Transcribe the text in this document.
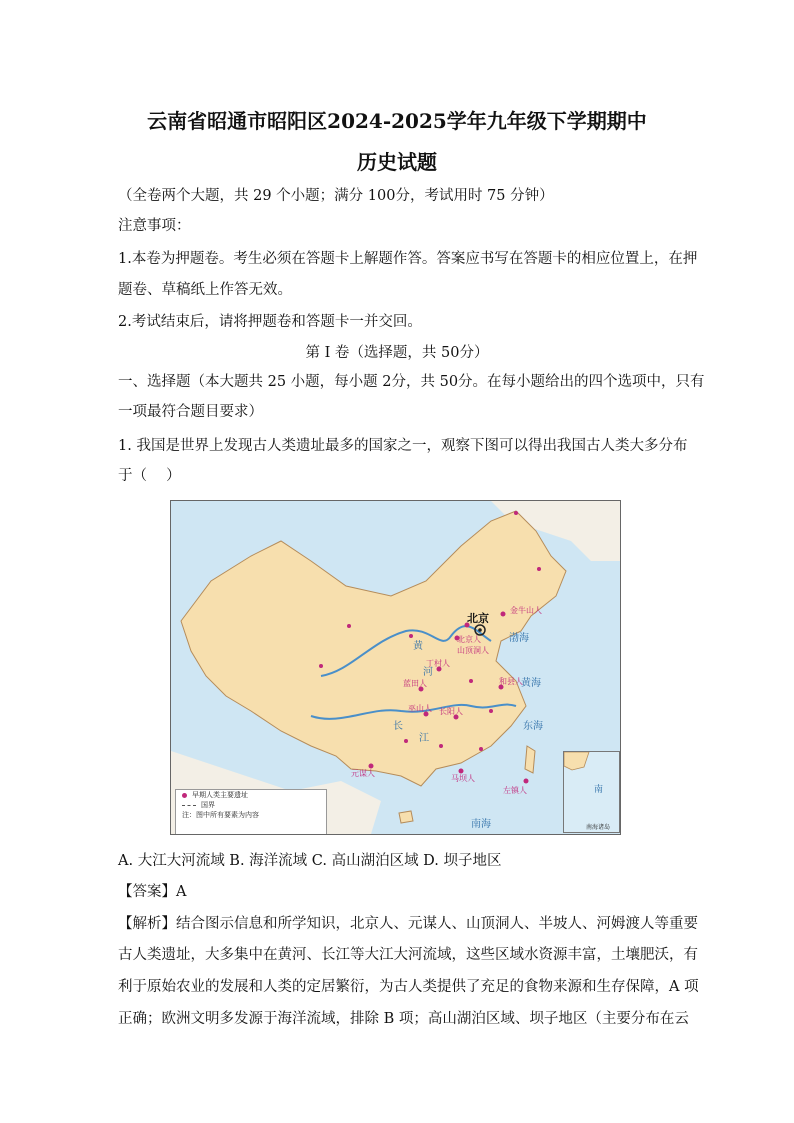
云南省昭通市昭阳区2024-2025学年九年级下学期期中
历史试题
（全卷两个大题，共 29 个小题；满分 100分，考试用时 75 分钟）
注意事项：
1.本卷为押题卷。考生必须在答题卡上解题作答。答案应书写在答题卡的相应位置上，在押
题卷、草稿纸上作答无效。
2.考试结束后，请将押题卷和答题卡一并交回。
第 I 卷（选择题，共 50分）
一、选择题（本大题共 25 小题，每小题 2分，共 50分。在每小题给出的四个选项中，只有
一项最符合题目要求）
1. 我国是世界上发现古人类遗址最多的国家之一，观察下图可以得出我国古人类大多分布
于（　 ）
北京
金牛山人
北京人
山顶洞人
丁村人
蓝田人	和县人
巫山人 长阳人
元谋人
马坝人
左镇人
黄
河
长
江
渤海
黄海
东海
南海
早期人类主要遗址
国界
注：图中所有要素为内容
南
南海诸岛
A. 大江大河流域 B. 海洋流域 C. 高山湖泊区域 D. 坝子地区
【答案】A
【解析】结合图示信息和所学知识，北京人、元谋人、山顶洞人、半坡人、河姆渡人等重要
古人类遗址，大多集中在黄河、长江等大江大河流域，这些区域水资源丰富，土壤肥沃，有
利于原始农业的发展和人类的定居繁衍，为古人类提供了充足的食物来源和生存保障，A 项
正确；欧洲文明多发源于海洋流域，排除 B 项；高山湖泊区域、坝子地区（主要分布在云
